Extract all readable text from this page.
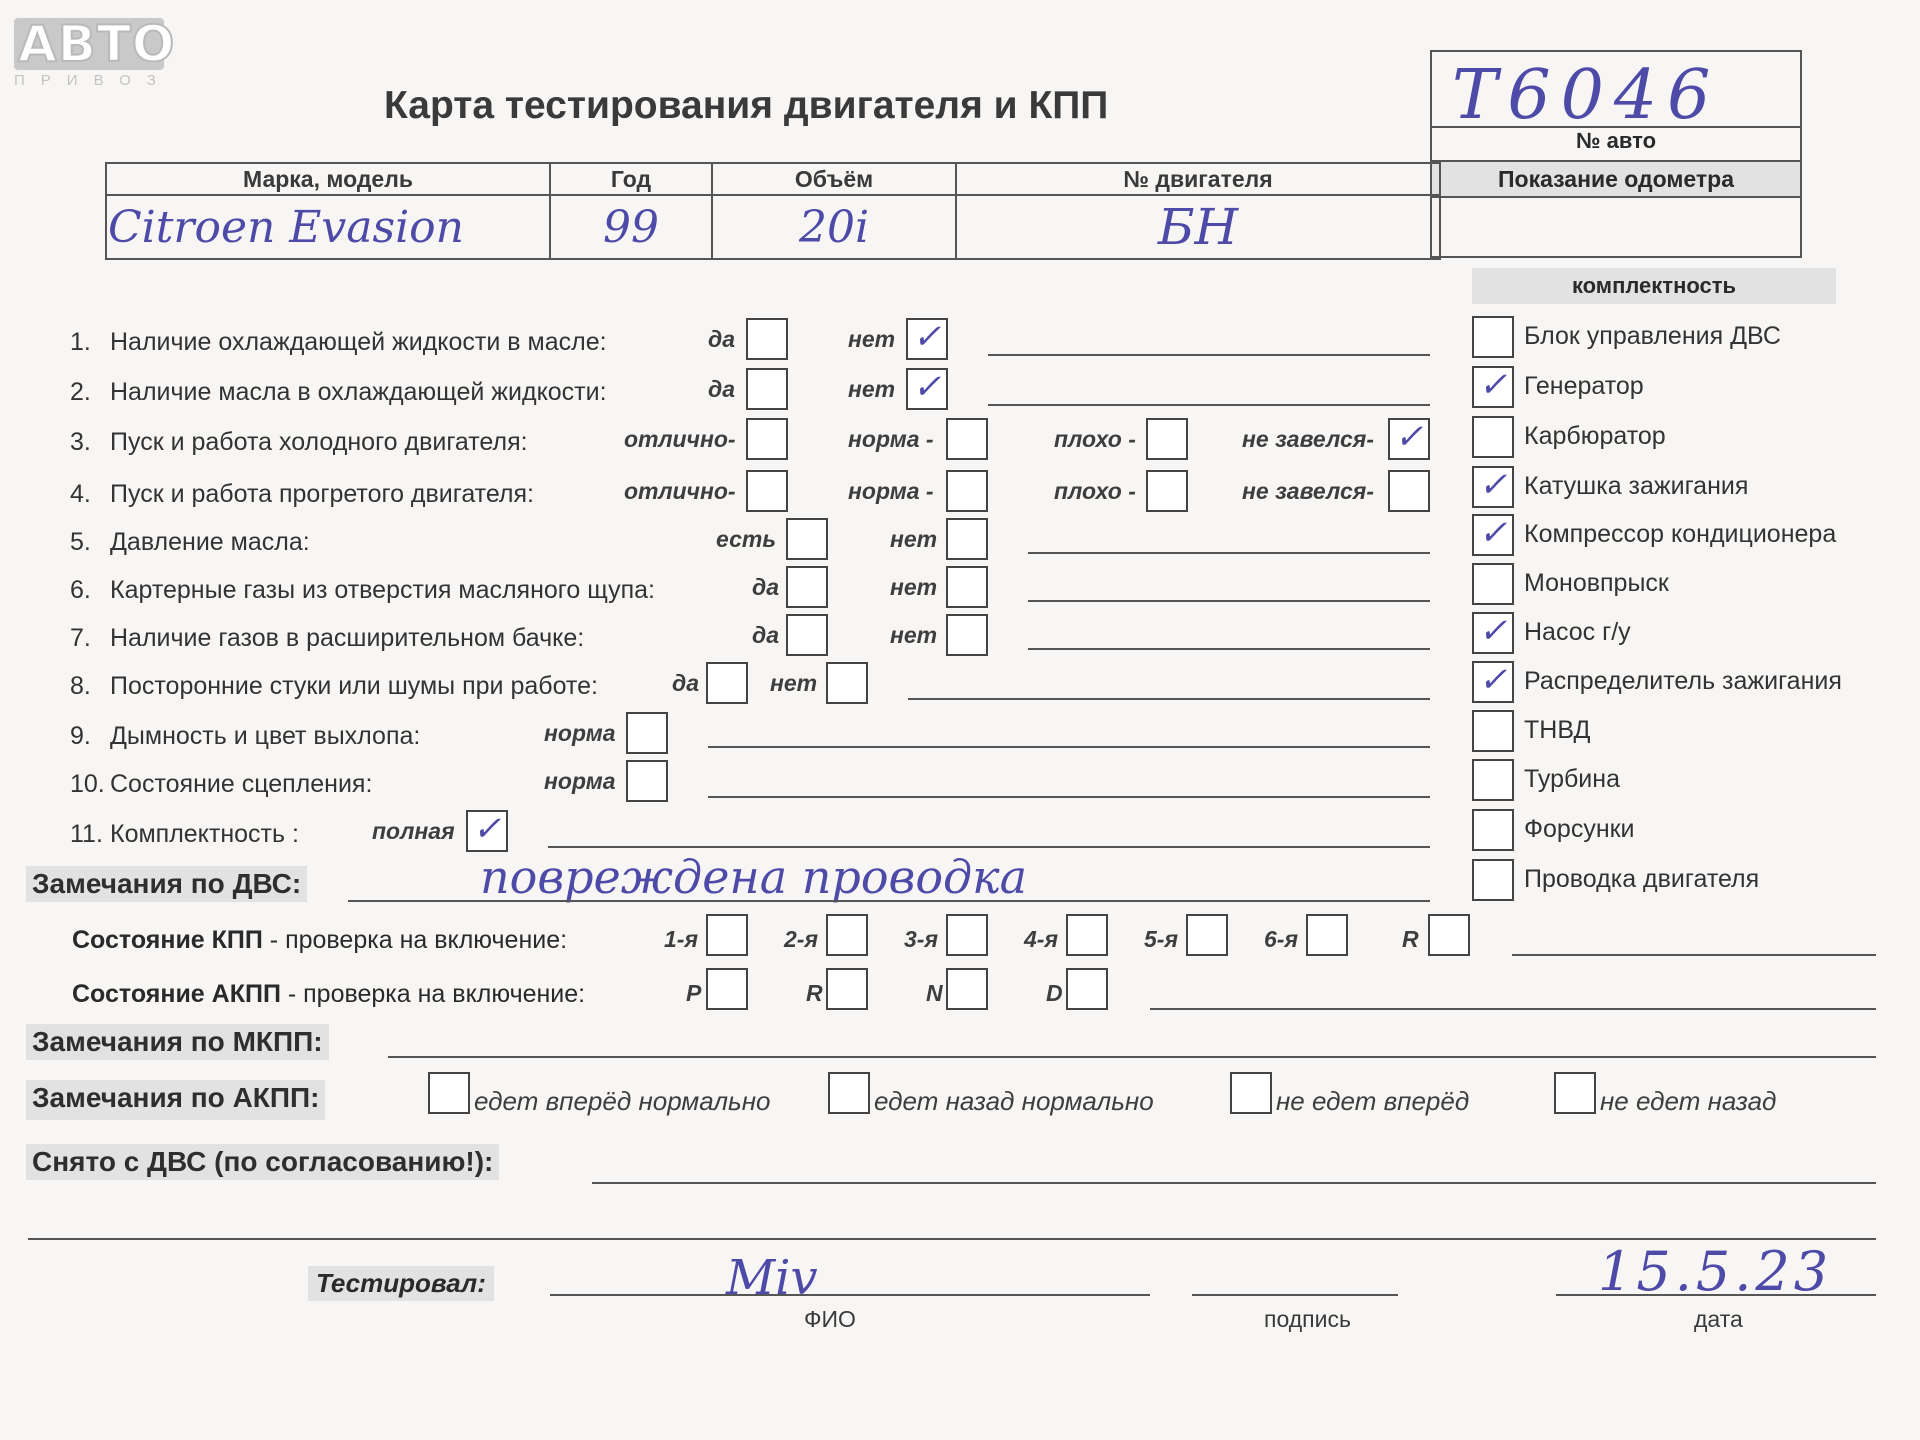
АВТО
ПРИВОЗ
Карта тестирования двигателя и КПП	T6046
№ авто
Показание одометра
Марка, модель	Год	Объём	№ двигателя
Citroen Evasion	99	20i	БН
комплектность
Блок управления ДВС
✓ Генератор
Карбюратор
✓ Катушка зажигания
✓ Компрессор кондиционера
Моновпрыск
✓ Насос г/у
✓ Распределитель зажигания
ТНВД
Турбина
Форсунки
Проводка двигателя
1. Наличие охлаждающей жидкости в масле:	да	нет ✓
2. Наличие масла в охлаждающей жидкости:	да	нет ✓
3. Пуск и работа холодного двигателя:	отлично-	норма -	плохо -	не завелся- ✓
4. Пуск и работа прогретого двигателя:	отлично-	норма -	плохо -	не завелся-
5. Давление масла:	есть	нет
6. Картерные газы из отверстия масляного щупа:	да	нет
7. Наличие газов в расширительном бачке:	да	нет
8. Посторонние стуки или шумы при работе:	да	нет
9. Дымность и цвет выхлопа:	норма
10. Состояние сцепления:	норма
11. Комплектность :	полная ✓
Замечания по ДВС:	повреждена проводка
Состояние КПП - проверка на включение:	1-я	2-я	3-я	4-я	5-я	6-я	R
Состояние АКПП - проверка на включение:	P	R	N	D
Замечания по МКПП:
Замечания по АКПП:	едет вперёд нормально	едет назад нормально	не едет вперёд	не едет назад
Снято с ДВС (по согласованию!):
Тестировал:	Мiv
ФИО	подпись
15.5.23
дата
